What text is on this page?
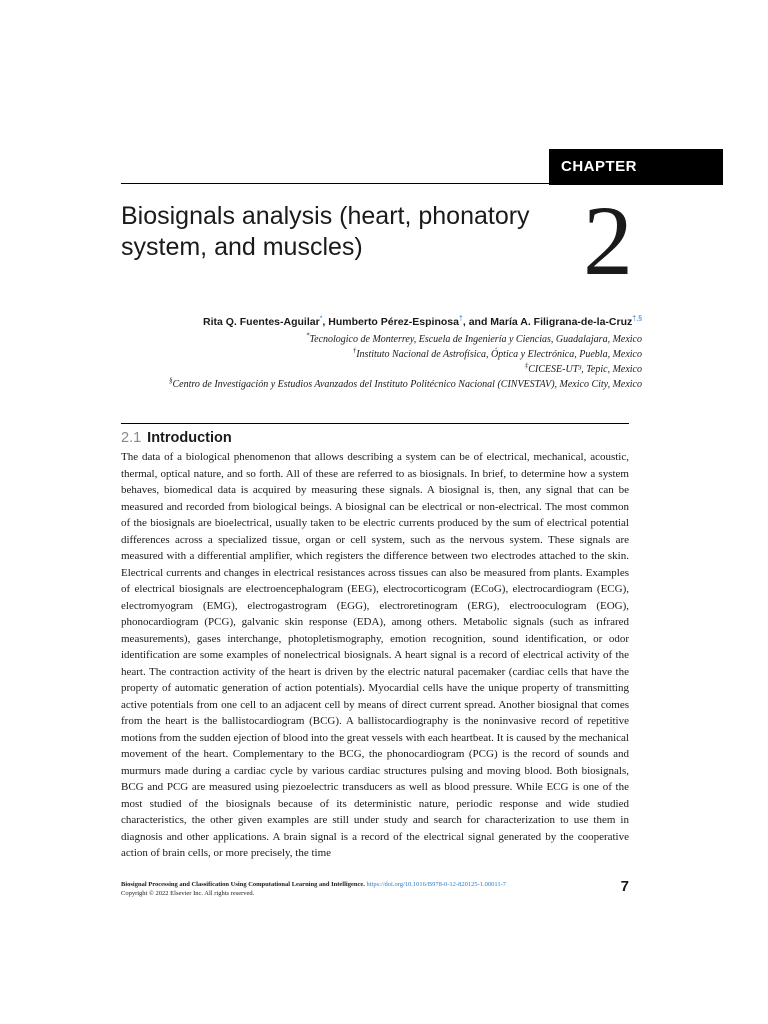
CHAPTER
Biosignals analysis (heart, phonatory system, and muscles)	2
Rita Q. Fuentes-Aguilar*, Humberto Pérez-Espinosa†, and María A. Filigrana-de-la-Cruz†,§
*Tecnologico de Monterrey, Escuela de Ingeniería y Ciencias, Guadalajara, Mexico
†Instituto Nacional de Astrofísica, Óptica y Electrónica, Puebla, Mexico
‡CICESE-UT³, Tepic, Mexico
§Centro de Investigación y Estudios Avanzados del Instituto Politécnico Nacional (CINVESTAV), Mexico City, Mexico
2.1 Introduction

The data of a biological phenomenon that allows describing a system can be of electrical, mechanical, acoustic, thermal, optical nature, and so forth. All of these are referred to as biosignals. In brief, to determine how a system behaves, biomedical data is acquired by measuring these signals. A biosignal is, then, any signal that can be measured and recorded from biological beings. A biosignal can be electrical or non-electrical. The most common of the biosignals are bioelectrical, usually taken to be electric currents produced by the sum of electrical potential differences across a specialized tissue, organ or cell system, such as the nervous system. These signals are measured with a differential amplifier, which registers the difference between two electrodes attached to the skin. Electrical currents and changes in electrical resistances across tissues can also be measured from plants. Examples of electrical biosignals are electroencephalogram (EEG), electrocorticogram (ECoG), electrocardiogram (ECG), electromyogram (EMG), electrogastrogram (EGG), electroretinogram (ERG), electrooculogram (EOG), phonocardiogram (PCG), galvanic skin response (EDA), among others. Metabolic signals (such as infrared measurements), gases interchange, photopletismography, emotion recognition, sound identification, or odor identification are some examples of nonelectrical biosignals. A heart signal is a record of electrical activity of the heart. The contraction activity of the heart is driven by the electric natural pacemaker (cardiac cells that have the property of automatic generation of action potentials). Myocardial cells have the unique property of transmitting active potentials from one cell to an adjacent cell by means of direct current spread. Another biosignal that comes from the heart is the ballistocardiogram (BCG). A ballistocardiography is the noninvasive record of repetitive motions from the sudden ejection of blood into the great vessels with each heartbeat. It is caused by the mechanical movement of the heart. Complementary to the BCG, the phonocardiogram (PCG) is the record of sounds and murmurs made during a cardiac cycle by various cardiac structures pulsing and moving blood. Both biosignals, BCG and PCG are measured using piezoelectric transducers as well as blood pressure. While ECG is one of the most studied of the biosignals because of its deterministic nature, periodic response and wide studied characteristics, the other given examples are still under study and search for characterization to use them in diagnosis and other applications. A brain signal is a record of the electrical signal generated by the cooperative action of brain cells, or more precisely, the time

Biosignal Processing and Classification Using Computational Learning and Intelligence. https://doi.org/10.1016/B978-0-12-820125-1.00011-7
Copyright © 2022 Elsevier Inc. All rights reserved.	7
